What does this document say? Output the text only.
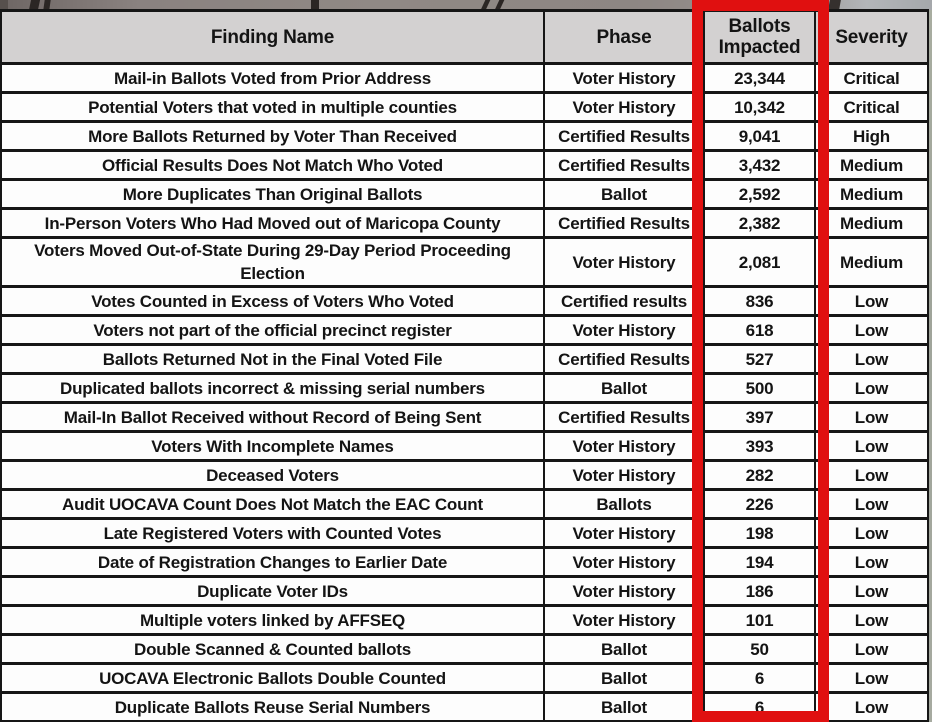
Finding Name	Phase	Ballots Impacted	Severity
Mail-in Ballots Voted from Prior Address	Voter History	23,344	Critical
Potential Voters that voted in multiple counties	Voter History	10,342	Critical
More Ballots Returned by Voter Than Received	Certified Results	9,041	High
Official Results Does Not Match Who Voted	Certified Results	3,432	Medium
More Duplicates Than Original Ballots	Ballot	2,592	Medium
In-Person Voters Who Had Moved out of Maricopa County	Certified Results	2,382	Medium
Voters Moved Out-of-State During 29-Day Period Proceeding Election	Voter History	2,081	Medium
Votes Counted in Excess of Voters Who Voted	Certified results	836	Low
Voters not part of the official precinct register	Voter History	618	Low
Ballots Returned Not in the Final Voted File	Certified Results	527	Low
Duplicated ballots incorrect & missing serial numbers	Ballot	500	Low
Mail-In Ballot Received without Record of Being Sent	Certified Results	397	Low
Voters With Incomplete Names	Voter History	393	Low
Deceased Voters	Voter History	282	Low
Audit UOCAVA Count Does Not Match the EAC Count	Ballots	226	Low
Late Registered Voters with Counted Votes	Voter History	198	Low
Date of Registration Changes to Earlier Date	Voter History	194	Low
Duplicate Voter IDs	Voter History	186	Low
Multiple voters linked by AFFSEQ	Voter History	101	Low
Double Scanned & Counted ballots	Ballot	50	Low
UOCAVA Electronic Ballots Double Counted	Ballot	6	Low
Duplicate Ballots Reuse Serial Numbers	Ballot	6	Low
